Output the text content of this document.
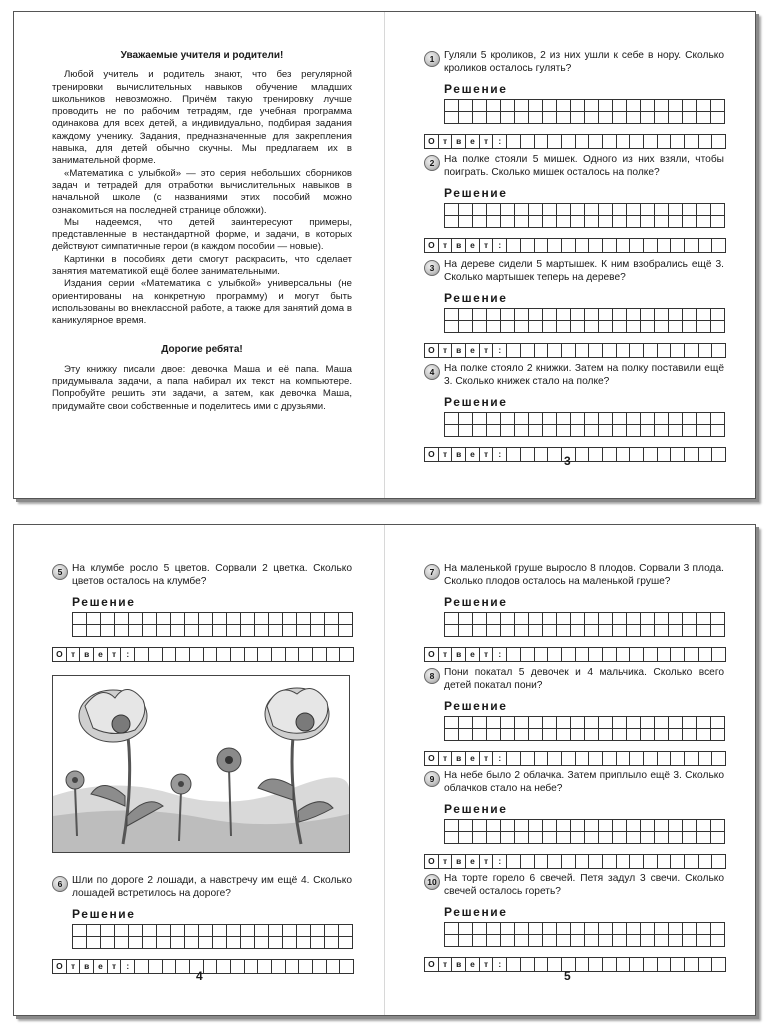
Уважаемые учителя и родители!

Любой учитель и родитель знают, что без регулярной тренировки вычислительных навыков обучение младших школьников невозможно. Причём такую тренировку лучше проводить не по рабочим тетрадям, где учебная программа одинакова для всех детей, а индивидуально, подбирая задания каждому ученику. Задания, предназначенные для закрепления навыка, для детей обычно скучны. Мы предлагаем их в занимательной форме.

«Математика с улыбкой» — это серия небольших сборников задач и тетрадей для отработки вычислительных навыков в начальной школе (с названиями этих пособий можно ознакомиться на последней странице обложки).

Мы надеемся, что детей заинтересуют примеры, представленные в нестандартной форме, и задачи, в которых действуют симпатичные герои (в каждом пособии — новые).

Картинки в пособиях дети смогут раскрасить, что сделает занятия математикой ещё более занимательными.

Издания серии «Математика с улыбкой» универсальны (не ориентированы на конкретную программу) и могут быть использованы во внеклассной работе, а также для занятий дома в каникулярное время.

Дорогие ребята!

Эту книжку писали двое: девочка Маша и её папа. Маша придумывала задачи, а папа набирал их текст на компьютере. Попробуйте решить эти задачи, а затем, как девочка Маша, придумайте свои собственные и поделитесь ими с друзьями.

1 Гуляли 5 кроликов, 2 из них ушли к себе в нору. Сколько кроликов осталось гулять?
Решение
О т	в	е	т	:
2 На полке стояли 5 мишек. Одного из них взяли, чтобы поиграть. Сколько мишек осталось на полке?
Решение
О т	в	е	т	:
3 На дереве сидели 5 мартышек. К ним взобрались ещё 3. Сколько мартышек теперь на дереве?
Решение
О т	в	е	т	:
4 На полке стояло 2 книжки. Затем на полку поставили ещё 3. Сколько книжек стало на полке?
Решение
О т	в	е	т	:	3
5 На клумбе росло 5 цветов. Сорвали 2 цветка. Сколько цветов осталось на клумбе?
Решение
О т	в	е	т	:
6 Шли по дороге 2 лошади, а навстречу им ещё 4. Сколько лошадей встретилось на дороге?
Решение
О т	в	е	т	:
4
7 На маленькой груше выросло 8 плодов. Сорвали 3 плода. Сколько плодов осталось на маленькой груше?
Решение
О т	в	е	т	:
8 Пони покатал 5 девочек и 4 мальчика. Сколько всего детей покатал пони?
Решение
О т	в	е	т	:
9 На небе было 2 облачка. Затем приплыло ещё 3. Сколько облачков стало на небе?
Решение
О т	в	е	т	:
10 На торте горело 6 свечей. Петя задул 3 свечи. Сколько свечей осталось гореть?
Решение
О т	в	е	т	:
5
